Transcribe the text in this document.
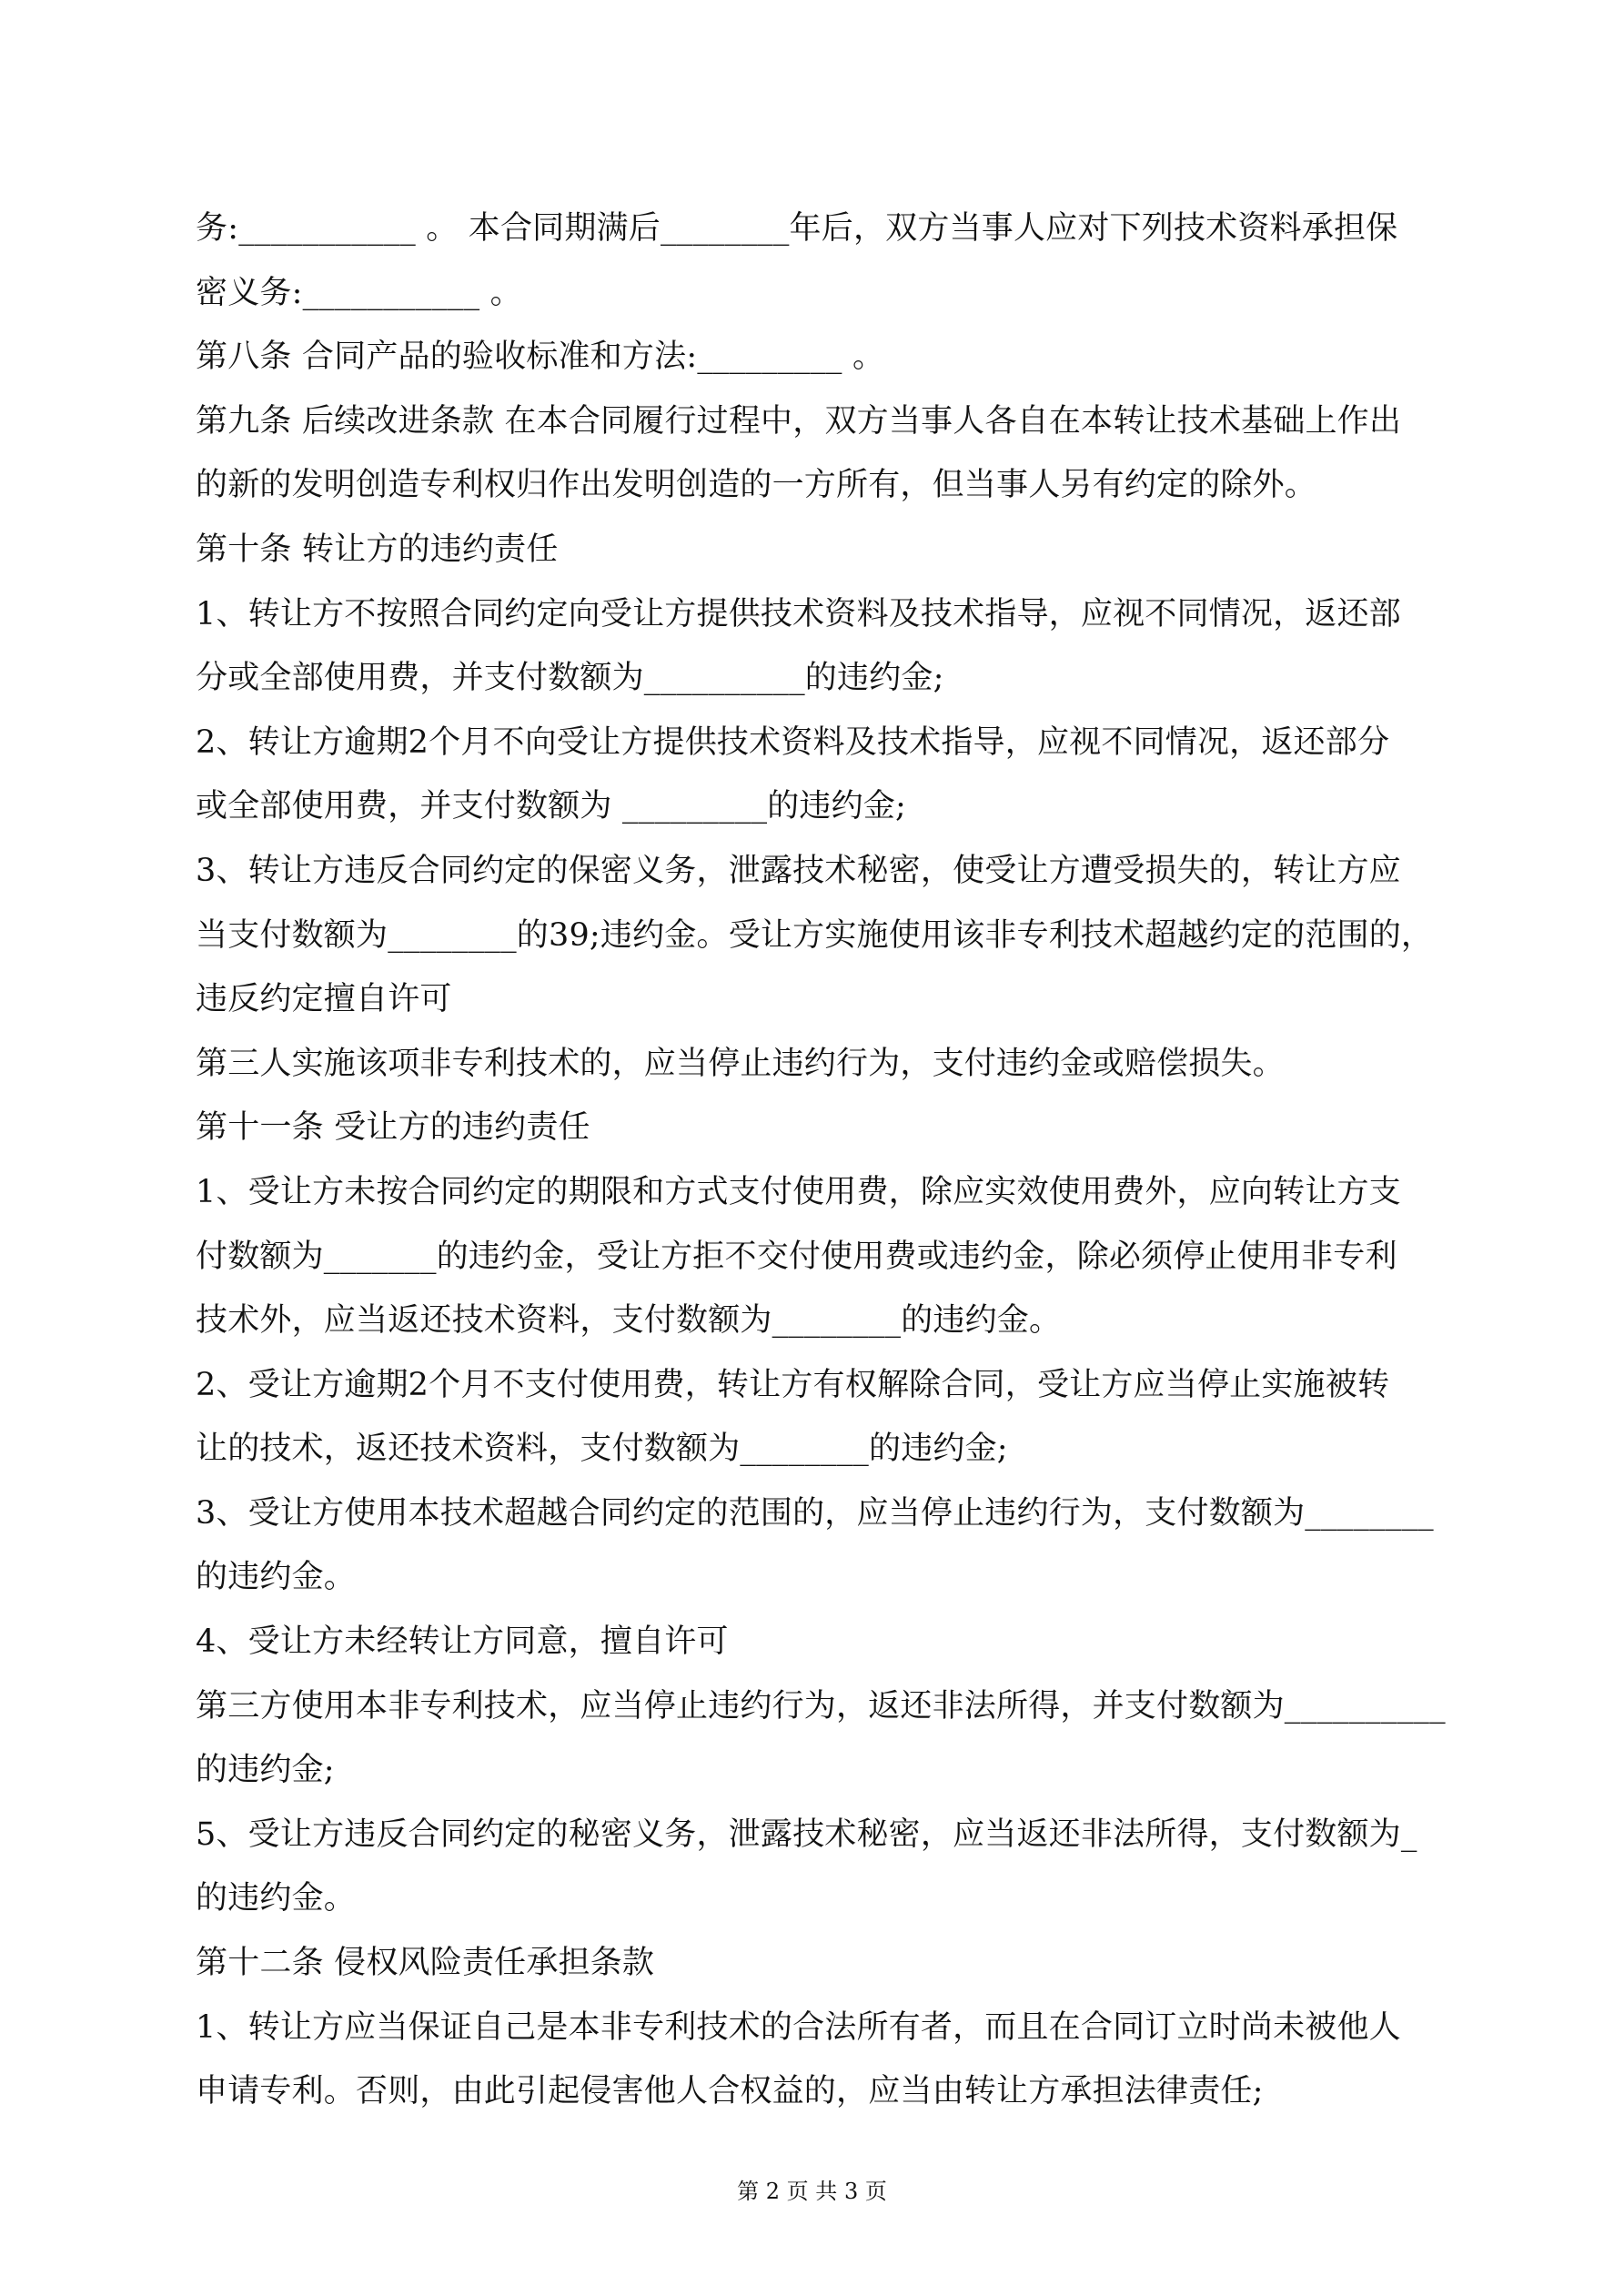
务:___________ 。 本合同期满后________年后，双方当事人应对下列技术资料承担保
密义务:___________ 。
第八条 合同产品的验收标准和方法:_________ 。
第九条 后续改进条款 在本合同履行过程中，双方当事人各自在本转让技术基础上作出
的新的发明创造专利权归作出发明创造的一方所有，但当事人另有约定的除外。
第十条 转让方的违约责任
1、转让方不按照合同约定向受让方提供技术资料及技术指导，应视不同情况，返还部
分或全部使用费，并支付数额为__________的违约金;
2、转让方逾期2个月不向受让方提供技术资料及技术指导，应视不同情况，返还部分
或全部使用费，并支付数额为 _________的违约金;
3、转让方违反合同约定的保密义务，泄露技术秘密，使受让方遭受损失的，转让方应
当支付数额为________的39;违约金。受让方实施使用该非专利技术超越约定的范围的，
违反约定擅自许可
第三人实施该项非专利技术的，应当停止违约行为，支付违约金或赔偿损失。
第十一条 受让方的违约责任
1、受让方未按合同约定的期限和方式支付使用费，除应实效使用费外，应向转让方支
付数额为_______的违约金，受让方拒不交付使用费或违约金，除必须停止使用非专利
技术外，应当返还技术资料，支付数额为________的违约金。
2、受让方逾期2个月不支付使用费，转让方有权解除合同，受让方应当停止实施被转
让的技术，返还技术资料，支付数额为________的违约金;
3、受让方使用本技术超越合同约定的范围的，应当停止违约行为，支付数额为________
的违约金。
4、受让方未经转让方同意，擅自许可
第三方使用本非专利技术，应当停止违约行为，返还非法所得，并支付数额为__________
的违约金;
5、受让方违反合同约定的秘密义务，泄露技术秘密，应当返还非法所得，支付数额为_
的违约金。
第十二条 侵权风险责任承担条款
1、转让方应当保证自己是本非专利技术的合法所有者，而且在合同订立时尚未被他人
申请专利。否则，由此引起侵害他人合权益的，应当由转让方承担法律责任;
第 2 页 共 3 页
